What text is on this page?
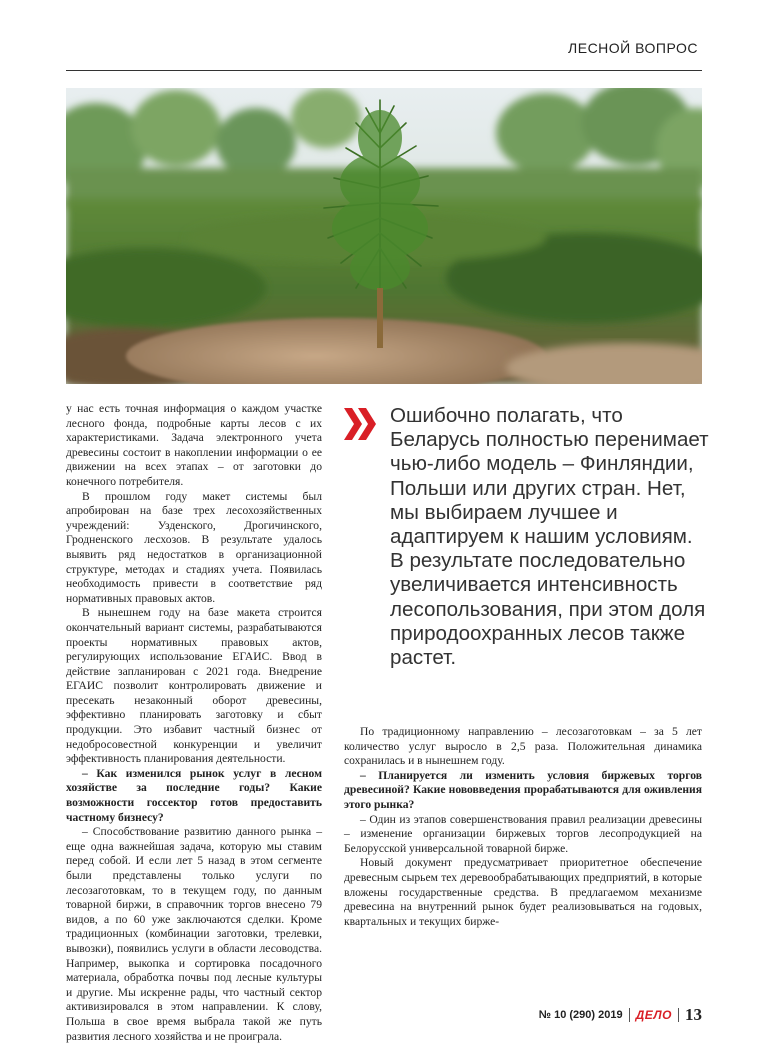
ЛЕСНОЙ ВОПРОС

у нас есть точная информация о каждом участке лесного фонда, подробные карты лесов с их характеристиками. Задача электронного учета древесины состоит в накоплении информации о ее движении на всех этапах – от заготовки до конечного потребителя.

В прошлом году макет системы был апробирован на базе трех лесохозяйственных учреждений: Узденского, Дрогичинского, Гродненского лесхозов. В результате удалось выявить ряд недостатков в организационной структуре, методах и стадиях учета. Появилась необходимость привести в соответствие ряд нормативных правовых актов.

В нынешнем году на базе макета строится окончательный вариант системы, разрабатываются проекты нормативных правовых актов, регулирующих использование ЕГАИС. Ввод в действие запланирован с 2021 года. Внедрение ЕГАИС позволит контролировать движение и пресекать незаконный оборот древесины, эффективно планировать заготовку и сбыт продукции. Это избавит частный бизнес от недобросовестной конкуренции и увеличит эффективность планирования деятельности.

– Как изменился рынок услуг в лесном хозяйстве за последние годы? Какие возможности госсектор готов предоставить частному бизнесу?

– Способствование развитию данного рынка – еще одна важнейшая задача, которую мы ставим перед собой. И если лет 5 назад в этом сегменте были представлены только услуги по лесозаготовкам, то в текущем году, по данным товарной биржи, в справочник торгов внесено 79 видов, а по 60 уже заключаются сделки. Кроме традиционных (комбинации заготовки, трелевки, вывозки), появились услуги в области лесоводства. Например, выкопка и сортировка посадочного материала, обработка почвы под лесные культуры и другие. Мы искренне рады, что частный сектор активизировался в этом направлении. К слову, Польша в свое время выбрала такой же путь развития лесного хозяйства и не проиграла.

Ошибочно полагать, что Беларусь полностью перенимает чью-либо модель – Финляндии, Польши или других стран. Нет, мы выбираем лучшее и адаптируем к нашим условиям. В результате последовательно увеличивается интенсивность лесопользования, при этом доля природоохранных лесов также растет.

По традиционному направлению – лесозаготовкам – за 5 лет количество услуг выросло в 2,5 раза. Положительная динамика сохранилась и в нынешнем году.

– Планируется ли изменить условия биржевых торгов древесиной? Какие нововведения прорабатываются для оживления этого рынка?

– Один из этапов совершенствования правил реализации древесины – изменение организации биржевых торгов лесопродукцией на Белорусской универсальной товарной бирже.

Новый документ предусматривает приоритетное обеспечение древесным сырьем тех деревообрабатывающих предприятий, в которые вложены государственные средства. В предлагаемом механизме древесина на внутренний рынок будет реализовываться на годовых, квартальных и текущих бирже-

№ 10 (290) 2019 ДЕЛО 13
